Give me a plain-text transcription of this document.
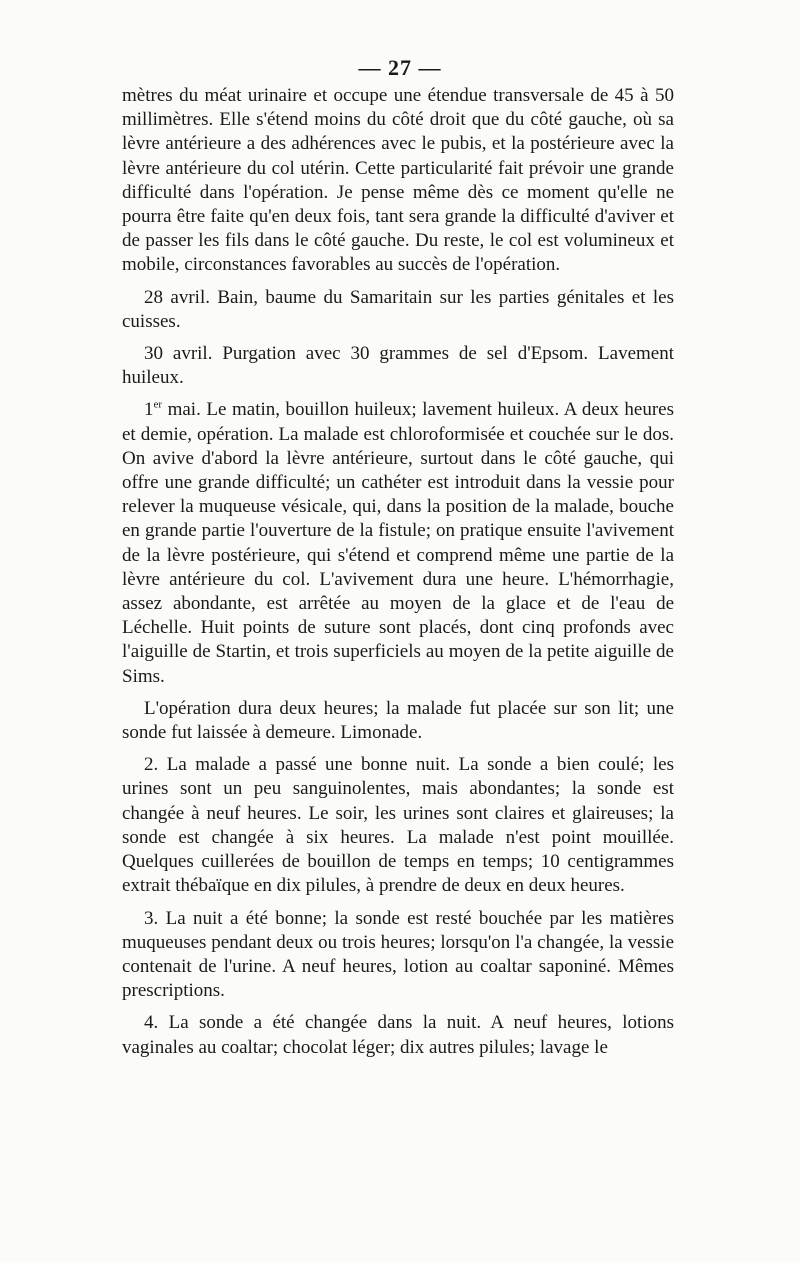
— 27 —

mètres du méat urinaire et occupe une étendue transversale de 45 à 50 millimètres. Elle s'étend moins du côté droit que du côté gauche, où sa lèvre antérieure a des adhérences avec le pubis, et la postérieure avec la lèvre antérieure du col utérin. Cette particularité fait prévoir une grande difficulté dans l'opération. Je pense même dès ce moment qu'elle ne pourra être faite qu'en deux fois, tant sera grande la difficulté d'aviver et de passer les fils dans le côté gauche. Du reste, le col est volumineux et mobile, circonstances favorables au succès de l'opération.

28 avril. Bain, baume du Samaritain sur les parties génitales et les cuisses.

30 avril. Purgation avec 30 grammes de sel d'Epsom. Lavement huileux.

1er mai. Le matin, bouillon huileux; lavement huileux. A deux heures et demie, opération. La malade est chloroformisée et couchée sur le dos. On avive d'abord la lèvre antérieure, surtout dans le côté gauche, qui offre une grande difficulté; un cathéter est introduit dans la vessie pour relever la muqueuse vésicale, qui, dans la position de la malade, bouche en grande partie l'ouverture de la fistule; on pratique ensuite l'avivement de la lèvre postérieure, qui s'étend et comprend même une partie de la lèvre antérieure du col. L'avivement dura une heure. L'hémorrhagie, assez abondante, est arrêtée au moyen de la glace et de l'eau de Léchelle. Huit points de suture sont placés, dont cinq profonds avec l'aiguille de Startin, et trois superficiels au moyen de la petite aiguille de Sims.

L'opération dura deux heures; la malade fut placée sur son lit; une sonde fut laissée à demeure. Limonade.

2. La malade a passé une bonne nuit. La sonde a bien coulé; les urines sont un peu sanguinolentes, mais abondantes; la sonde est changée à neuf heures. Le soir, les urines sont claires et glaireuses; la sonde est changée à six heures. La malade n'est point mouillée. Quelques cuillerées de bouillon de temps en temps; 10 centigrammes extrait thébaïque en dix pilules, à prendre de deux en deux heures.

3. La nuit a été bonne; la sonde est resté bouchée par les matières muqueuses pendant deux ou trois heures; lorsqu'on l'a changée, la vessie contenait de l'urine. A neuf heures, lotion au coaltar saponiné. Mêmes prescriptions.

4. La sonde a été changée dans la nuit. A neuf heures, lotions vaginales au coaltar; chocolat léger; dix autres pilules; lavage le
